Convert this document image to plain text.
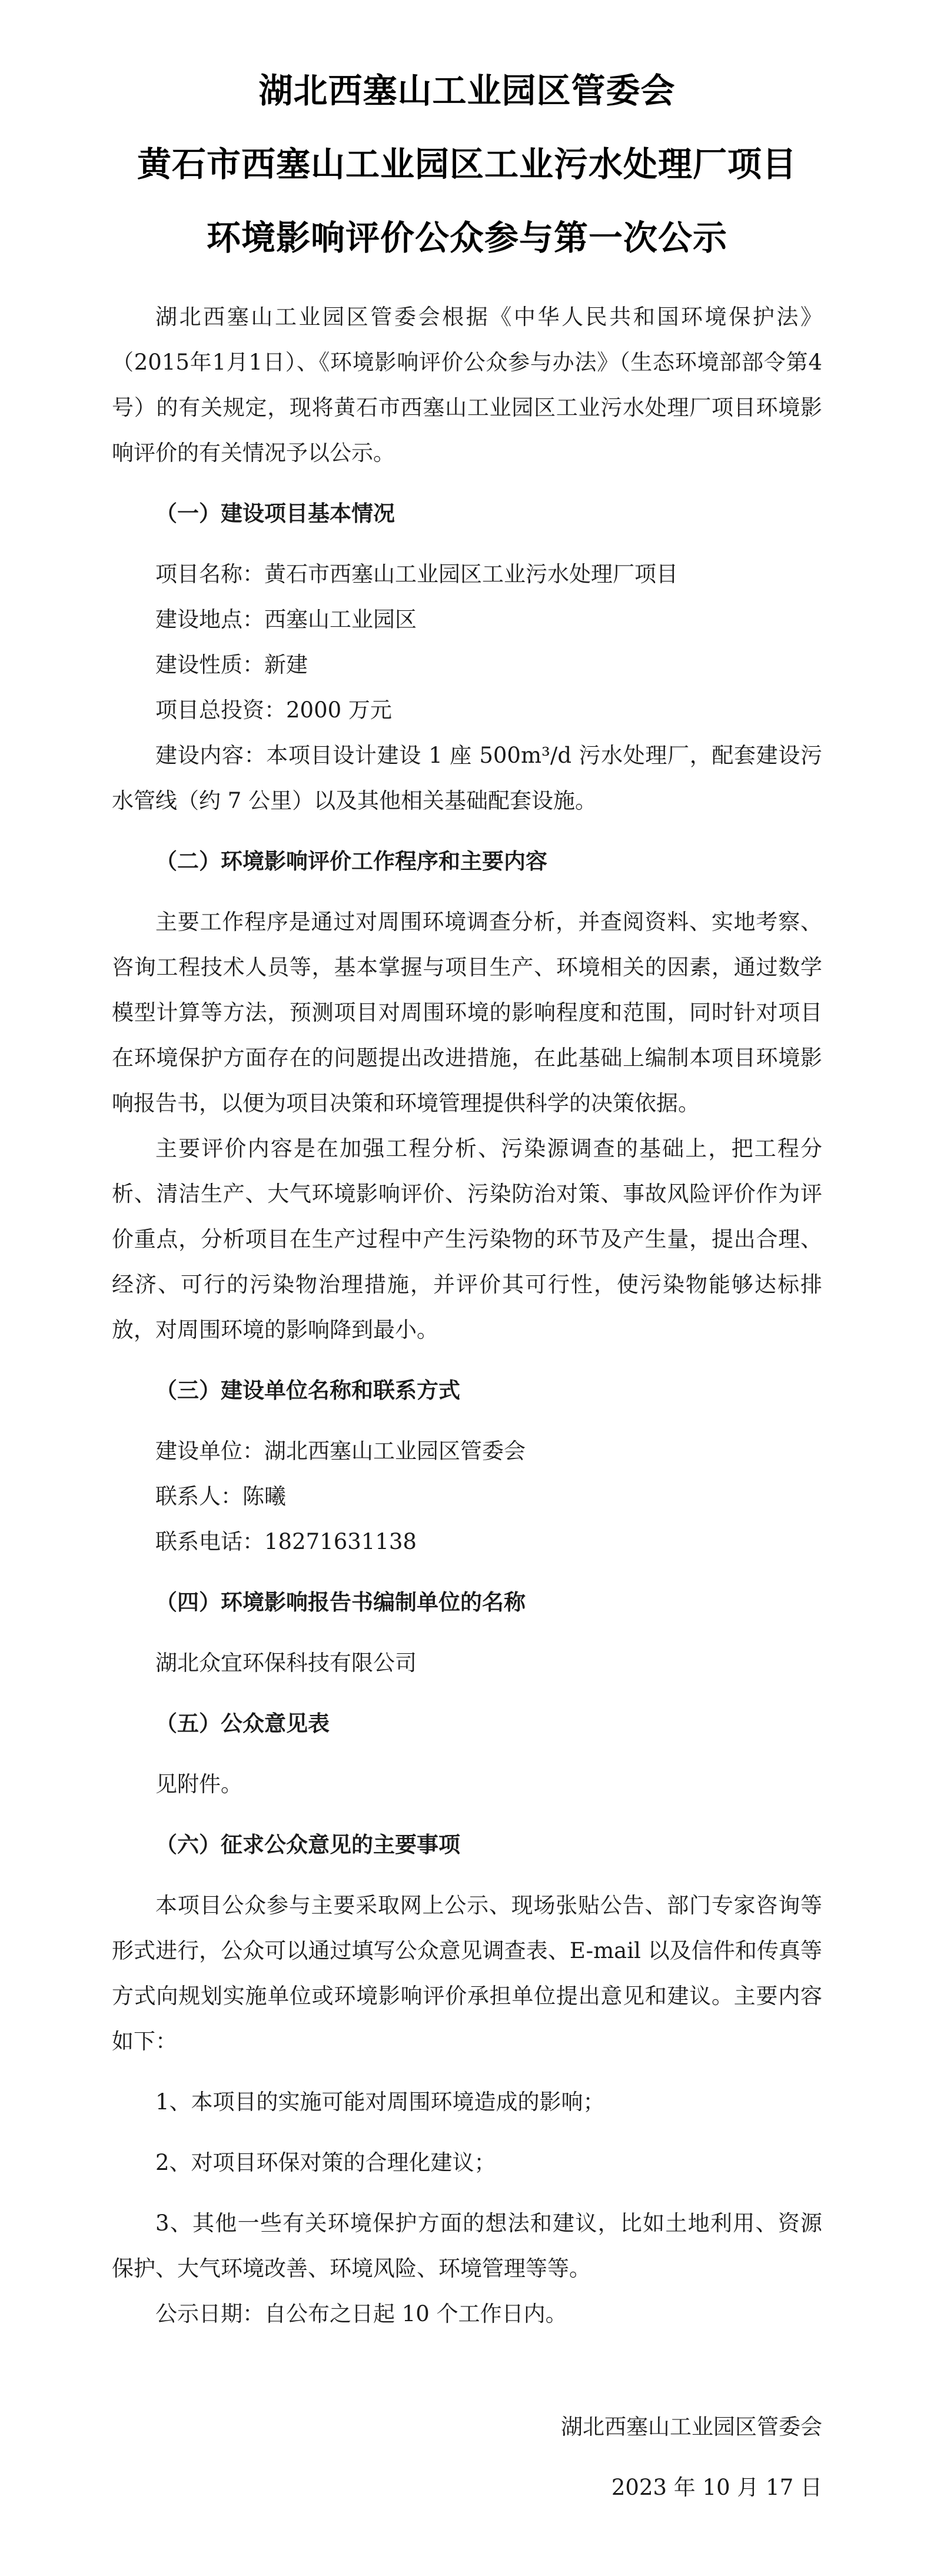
湖北西塞山工业园区管委会
黄石市西塞山工业园区工业污水处理厂项目
环境影响评价公众参与第一次公示

湖北西塞山工业园区管委会根据《中华人民共和国环境保护法》（2015年1月1日）、《环境影响评价公众参与办法》（生态环境部部令第4号）的有关规定，现将黄石市西塞山工业园区工业污水处理厂项目环境影响评价的有关情况予以公示。

（一）建设项目基本情况

项目名称：黄石市西塞山工业园区工业污水处理厂项目

建设地点：西塞山工业园区

建设性质：新建

项目总投资：2000 万元

建设内容：本项目设计建设 1 座 500m³/d 污水处理厂，配套建设污水管线（约 7 公里）以及其他相关基础配套设施。

（二）环境影响评价工作程序和主要内容

主要工作程序是通过对周围环境调查分析，并查阅资料、实地考察、咨询工程技术人员等，基本掌握与项目生产、环境相关的因素，通过数学模型计算等方法，预测项目对周围环境的影响程度和范围，同时针对项目在环境保护方面存在的问题提出改进措施，在此基础上编制本项目环境影响报告书，以便为项目决策和环境管理提供科学的决策依据。

主要评价内容是在加强工程分析、污染源调查的基础上，把工程分析、清洁生产、大气环境影响评价、污染防治对策、事故风险评价作为评价重点，分析项目在生产过程中产生污染物的环节及产生量，提出合理、经济、可行的污染物治理措施，并评价其可行性，使污染物能够达标排放，对周围环境的影响降到最小。

（三）建设单位名称和联系方式

建设单位：湖北西塞山工业园区管委会

联系人：陈曦

联系电话：18271631138

（四）环境影响报告书编制单位的名称

湖北众宜环保科技有限公司

（五）公众意见表

见附件。

（六）征求公众意见的主要事项

本项目公众参与主要采取网上公示、现场张贴公告、部门专家咨询等形式进行，公众可以通过填写公众意见调查表、E-mail 以及信件和传真等方式向规划实施单位或环境影响评价承担单位提出意见和建议。主要内容如下：

1、本项目的实施可能对周围环境造成的影响；

2、对项目环保对策的合理化建议；

3、其他一些有关环境保护方面的想法和建议，比如土地利用、资源保护、大气环境改善、环境风险、环境管理等等。

公示日期：自公布之日起 10 个工作日内。

湖北西塞山工业园区管委会
2023 年 10 月 17 日
